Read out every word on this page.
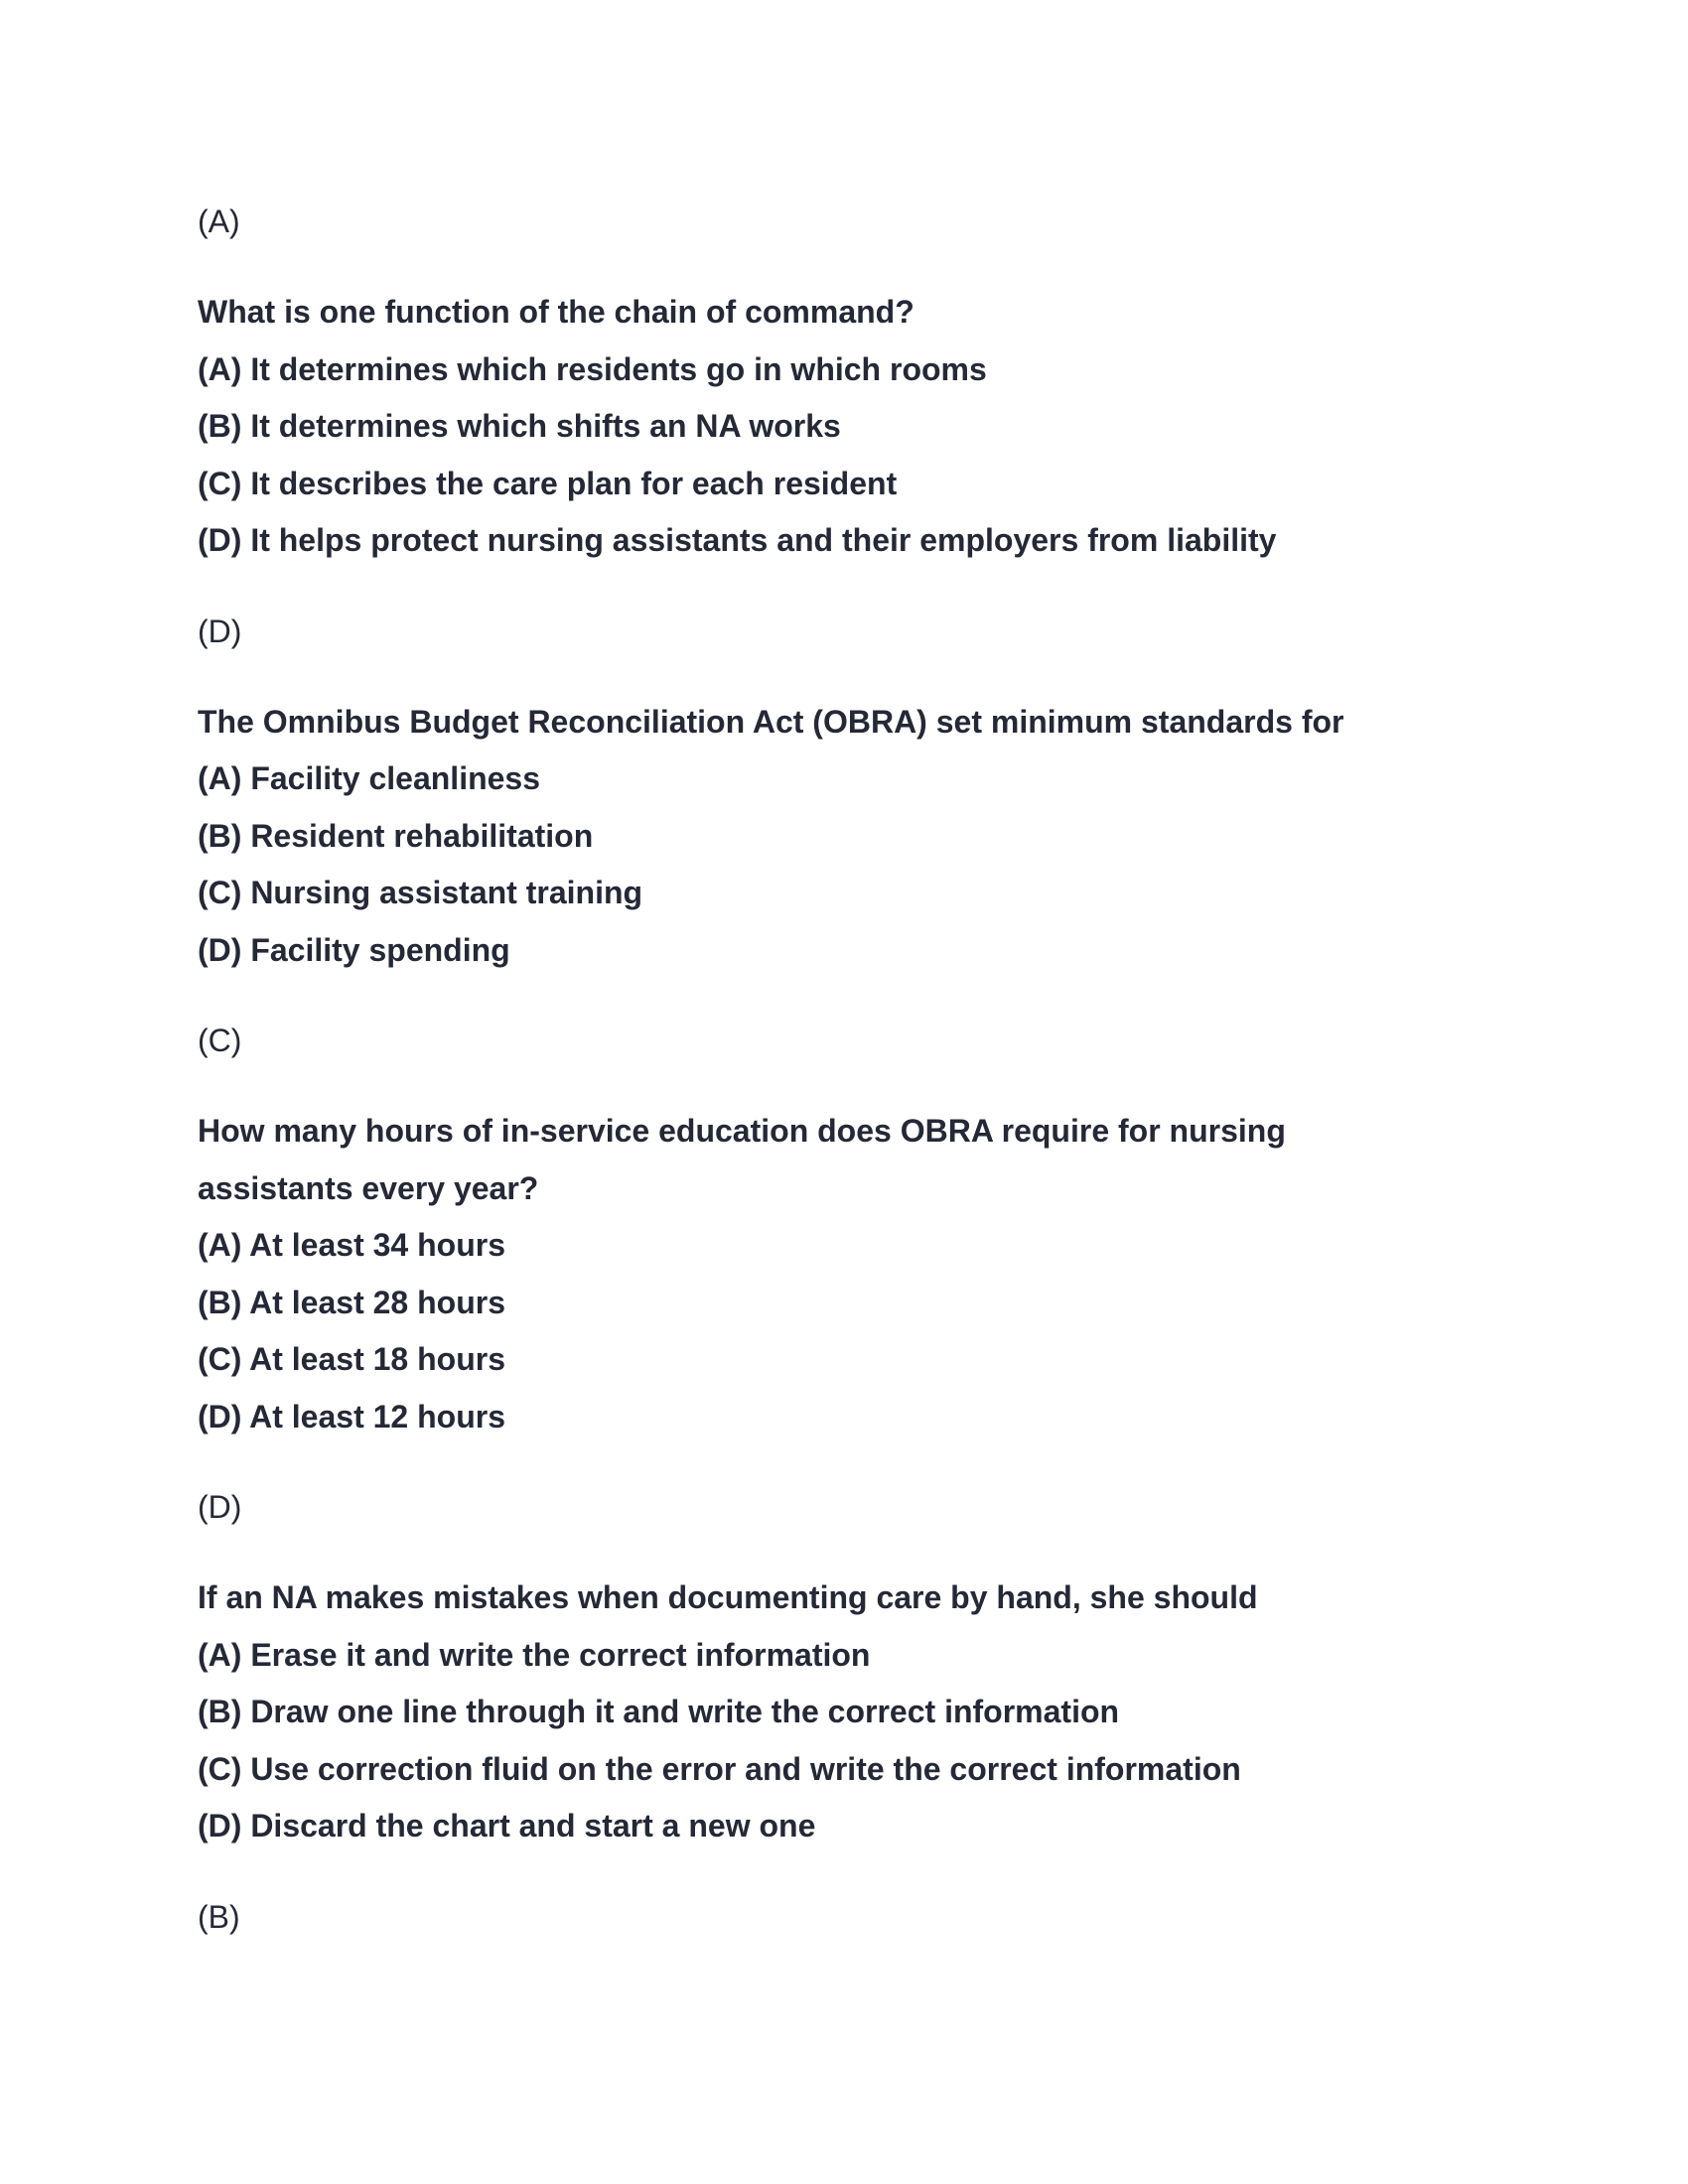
(A)

What is one function of the chain of command?

(A) It determines which residents go in which rooms

(B) It determines which shifts an NA works

(C) It describes the care plan for each resident

(D) It helps protect nursing assistants and their employers from liability

(D)

The Omnibus Budget Reconciliation Act (OBRA) set minimum standards for

(A) Facility cleanliness

(B) Resident rehabilitation

(C) Nursing assistant training

(D) Facility spending

(C)

How many hours of in-service education does OBRA require for nursing assistants every year?

(A) At least 34 hours

(B) At least 28 hours

(C) At least 18 hours

(D) At least 12 hours

(D)

If an NA makes mistakes when documenting care by hand, she should

(A) Erase it and write the correct information

(B) Draw one line through it and write the correct information

(C) Use correction fluid on the error and write the correct information

(D) Discard the chart and start a new one

(B)
